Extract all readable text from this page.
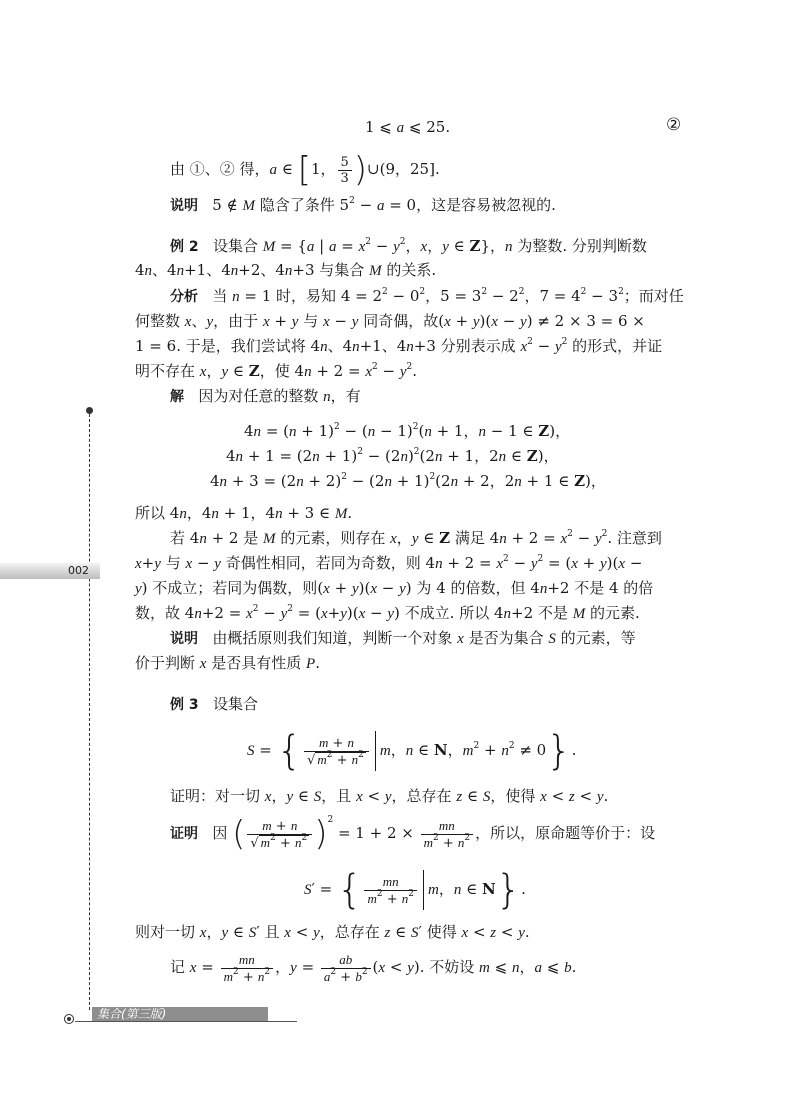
002
1 ⩽ a ⩽ 25.	②
由 ①、② 得，a ∈ [1， $\frac{5}{3}$ )∪(9，25].
说明   5 ∉ M 隐含了条件 $5^2 - a = 0$，这是容易被忽视的.
例 2 设集合 M = {a | $a = x^2 - y^2$，x，y ∈ Z}，n 为整数. 分别判断数
4n、4n+1、4n+2、4n+3 与集合 M 的关系.
分析 当 n = 1 时，易知 $4 = 2^2 - 0^2$，$5 = 3^2 - 2^2$，$7 = 4^2 - 3^2$；而对任
何整数 x、y，由于 x + y 与 x − y 同奇偶，故(x + y)(x − y) ≠ 2 × 3 = 6 ×
1 = 6. 于是，我们尝试将 4n、4n+1、4n+3 分别表示成 $x^2 - y^2$ 的形式，并证
明不存在 x，y ∈ Z，使 $4n + 2 = x^2 - y^2$.
解 因为对任意的整数 n，有
$4n = (n + 1)^2 - (n - 1)^2(n + 1$，n − 1 ∈ Z)，
$4n + 1 = (2n + 1)^2 - (2n)^2(2n + 1$，2n ∈ Z)，
$4n + 3 = (2n + 2)^2 - (2n + 1)^2(2n + 2$，2n + 1 ∈ Z)，
所以 4n，4n + 1，4n + 3 ∈ M.
若 4n + 2 是 M 的元素，则存在 x，y ∈ Z 满足 $4n + 2 = x^2 - y^2$. 注意到
x+y 与 x − y 奇偶性相同，若同为奇数，则 $4n + 2 = x^2 - y^2 = (x + y)(x$ −
y) 不成立；若同为偶数，则(x + y)(x − y) 为 4 的倍数，但 4n+2 不是 4 的倍
数，故 $4n+2 = x^2 - y^2 = (x+y)(x - y)$ 不成立. 所以 4n+2 不是 M 的元素.
说明 由概括原则我们知道，判断一个对象 x 是否为集合 S 的元素，等
价于判断 x 是否具有性质 P.
例 3 设集合
S = { $\frac{m + n}{√ m^2 + n^2}$ m，n ∈ N，$m^2 + n^2 \ne 0$}.
证明：对一切 x，y ∈ S，且 x < y，总存在 z ∈ S，使得 x < z < y.
证明 因 ( $\frac{m + n}{√ m^2 + n^2} )^2 = 1 + 2 \times \frac{mn}{m^2 + n^2}$ ，所以，原命题等价于：设
S′ = { $\frac{mn}{m^2 + n^2}$ m，n ∈ N}.
则对一切 x，y ∈ S′ 且 x < y，总存在 z ∈ S′ 使得 x < z < y.
记 $x = \frac{mn}{m^2 + n^2}$ ，$y = \frac{ab}{a^2 + b^2} (x < y)$. 不妨设 m ⩽ n，a ⩽ b.
集合(第三版)
